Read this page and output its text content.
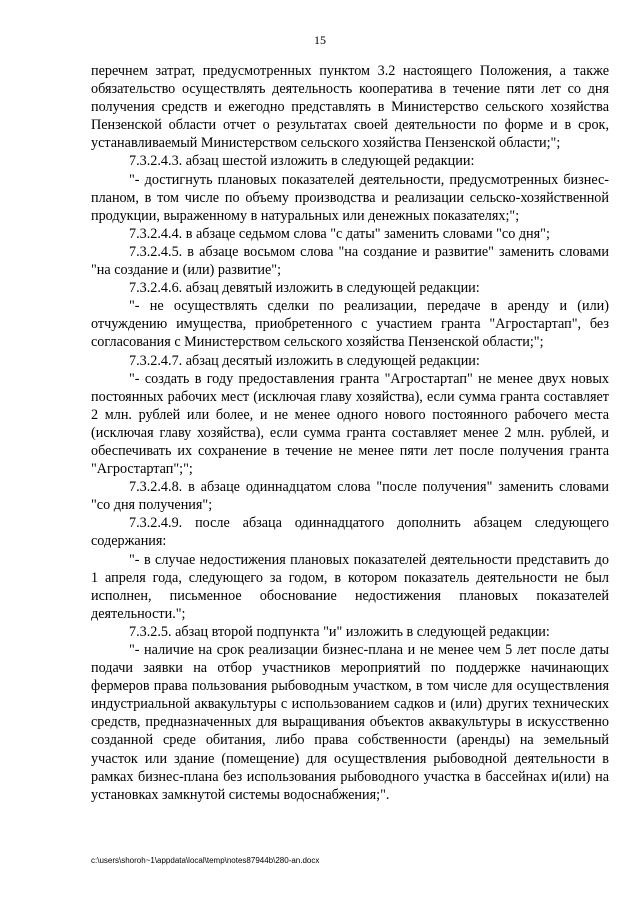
15

перечнем затрат, предусмотренных пунктом 3.2 настоящего Положения, а также обязательство осуществлять деятельность кооператива в течение пяти лет со дня получения средств и ежегодно представлять в Министерство сельского хозяйства Пензенской области отчет о результатах своей деятельности по форме и в срок, устанавливаемый Министерством сельского хозяйства Пензенской области;";

7.3.2.4.3. абзац шестой изложить в следующей редакции:

"- достигнуть плановых показателей деятельности, предусмотренных бизнес-планом, в том числе по объему производства и реализации сельско-хозяйственной продукции, выраженному в натуральных или денежных показателях;";

7.3.2.4.4. в абзаце седьмом слова "с даты" заменить словами "со дня";

7.3.2.4.5. в абзаце восьмом слова "на создание и развитие" заменить словами "на создание и (или) развитие";

7.3.2.4.6. абзац девятый изложить в следующей редакции:

"- не осуществлять сделки по реализации, передаче в аренду и (или) отчуждению имущества, приобретенного с участием гранта "Агростартап", без согласования с Министерством сельского хозяйства Пензенской области;";

7.3.2.4.7. абзац десятый изложить в следующей редакции:

"- создать в году предоставления гранта "Агростартап" не менее двух новых постоянных рабочих мест (исключая главу хозяйства), если сумма гранта составляет 2 млн. рублей или более, и не менее одного нового постоянного рабочего места (исключая главу хозяйства), если сумма гранта составляет менее 2 млн. рублей, и обеспечивать их сохранение в течение не менее пяти лет после получения гранта "Агростартап";";

7.3.2.4.8. в абзаце одиннадцатом слова "после получения" заменить словами "со дня получения";

7.3.2.4.9. после абзаца одиннадцатого дополнить абзацем следующего содержания:

"- в случае недостижения плановых показателей деятельности представить до 1 апреля года, следующего за годом, в котором показатель деятельности не был исполнен, письменное обоснование недостижения плановых показателей деятельности.";

7.3.2.5. абзац второй подпункта "и" изложить в следующей редакции:

"- наличие на срок реализации бизнес-плана и не менее чем 5 лет после даты подачи заявки на отбор участников мероприятий по поддержке начинающих фермеров права пользования рыбоводным участком, в том числе для осуществления индустриальной аквакультуры с использованием садков и (или) других технических средств, предназначенных для выращивания объектов аквакультуры в искусственно созданной среде обитания, либо права собственности (аренды) на земельный участок или здание (помещение) для осуществления рыбоводной деятельности в рамках бизнес-плана без использования рыбоводного участка в бассейнах и(или) на установках замкнутой системы водоснабжения;".

c:\users\shoroh~1\appdata\local\temp\notes87944b\280-an.docx
